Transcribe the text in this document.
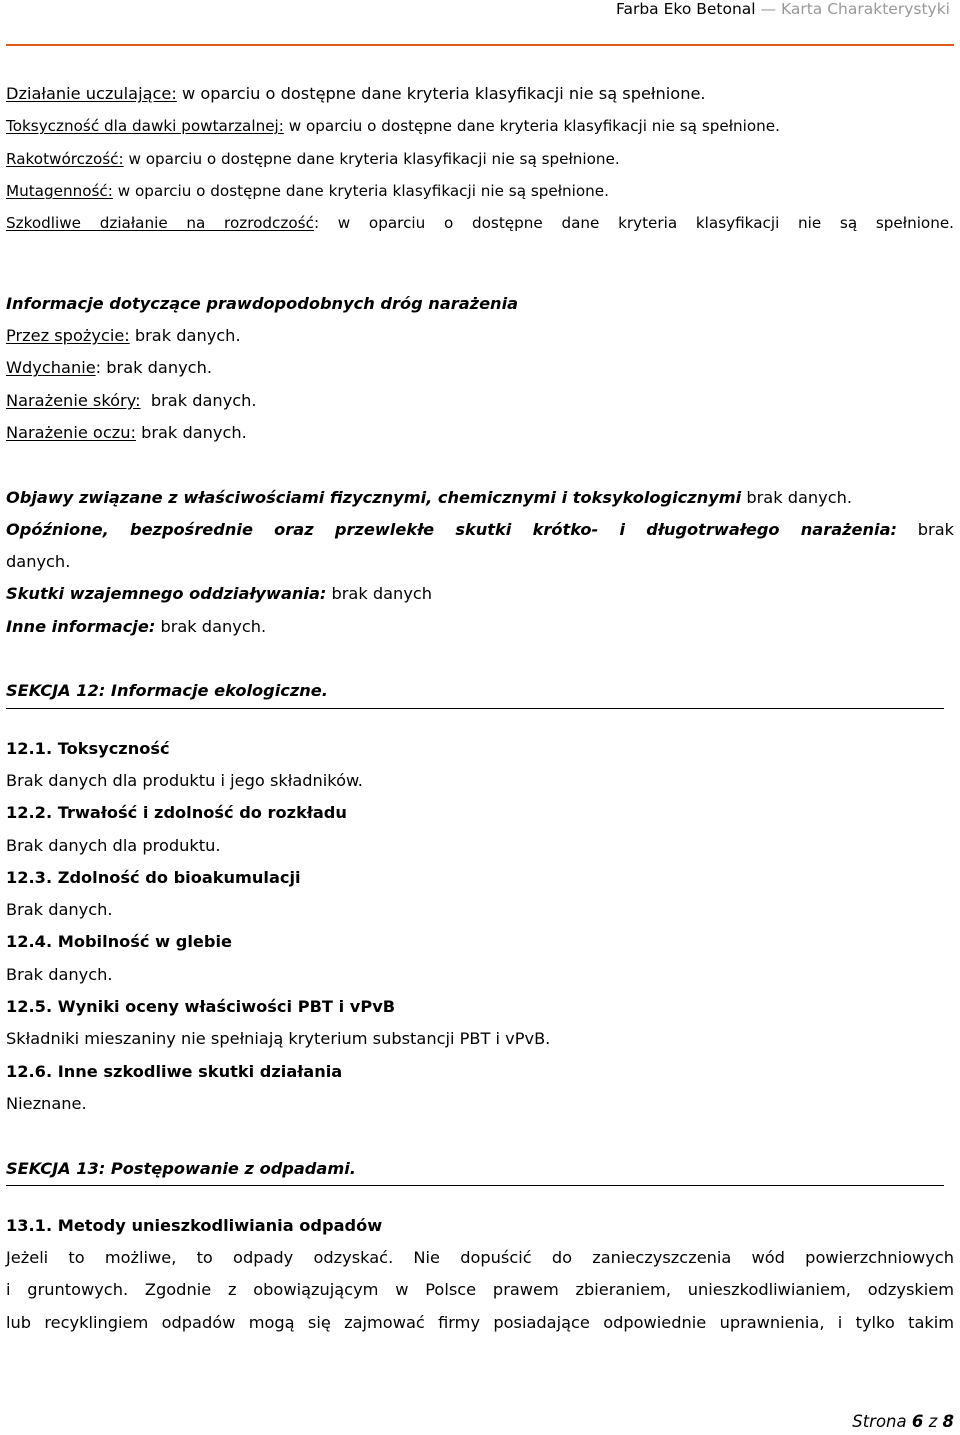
Farba Eko Betonal — Karta Charakterystyki
Działanie uczulające: w oparciu o dostępne dane kryteria klasyfikacji nie są spełnione.
Toksyczność dla dawki powtarzalnej: w oparciu o dostępne dane kryteria klasyfikacji nie są spełnione.
Rakotwórczość: w oparciu o dostępne dane kryteria klasyfikacji nie są spełnione.
Mutagenność: w oparciu o dostępne dane kryteria klasyfikacji nie są spełnione.
Szkodliwe działanie na rozrodczość: w oparciu o dostępne dane kryteria klasyfikacji nie są spełnione.
Informacje dotyczące prawdopodobnych dróg narażenia
Przez spożycie: brak danych.
Wdychanie: brak danych.
Narażenie skóry:  brak danych.
Narażenie oczu: brak danych.
Objawy związane z właściwościami fizycznymi, chemicznymi i toksykologicznymi brak danych.
Opóźnione, bezpośrednie oraz przewlekłe skutki krótko- i długotrwałego narażenia: brak
danych.
Skutki wzajemnego oddziaływania: brak danych
Inne informacje: brak danych.
SEKCJA 12: Informacje ekologiczne.
12.1. Toksyczność
Brak danych dla produktu i jego składników.
12.2. Trwałość i zdolność do rozkładu
Brak danych dla produktu.
12.3. Zdolność do bioakumulacji
Brak danych.
12.4. Mobilność w glebie
Brak danych.
12.5. Wyniki oceny właściwości PBT i vPvB
Składniki mieszaniny nie spełniają kryterium substancji PBT i vPvB.
12.6. Inne szkodliwe skutki działania
Nieznane.
SEKCJA 13: Postępowanie z odpadami.
13.1. Metody unieszkodliwiania odpadów
Jeżeli to możliwe, to odpady odzyskać. Nie dopuścić do zanieczyszczenia wód powierzchniowych
i gruntowych. Zgodnie z obowiązującym w Polsce prawem zbieraniem, unieszkodliwianiem, odzyskiem
lub recyklingiem odpadów mogą się zajmować firmy posiadające odpowiednie uprawnienia, i tylko takim
Strona 6 z 8
